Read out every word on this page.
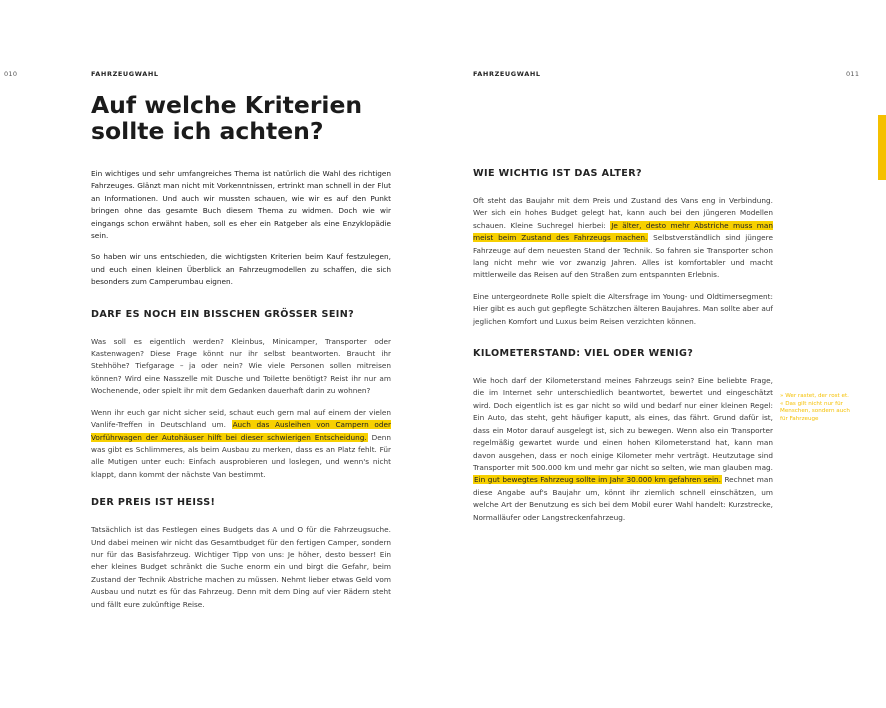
010	FAHRZEUGWAHL	FAHRZEUGWAHL	011
Auf welche Kriterien
sollte ich achten?

Ein wichtiges und sehr umfangreiches Thema ist natürlich die Wahl des richtigen Fahrzeuges. Glänzt man nicht mit Vorkenntnissen, ertrinkt man schnell in der Flut an Informationen. Und auch wir mussten schauen, wie wir es auf den Punkt bringen ohne das gesamte Buch diesem Thema zu widmen. Doch wie wir eingangs schon erwähnt haben, soll es eher ein Ratgeber als eine Enzyklopädie sein.

So haben wir uns entschieden, die wichtigsten Kriterien beim Kauf festzulegen, und euch einen kleinen Überblick an Fahrzeugmodellen zu schaffen, die sich besonders zum Camperumbau eignen.

DARF ES NOCH EIN BISSCHEN GRÖSSER SEIN?

Was soll es eigentlich werden? Kleinbus, Minicamper, Transporter oder Kastenwagen? Diese Frage könnt nur ihr selbst beantworten. Braucht ihr Stehhöhe? Tiefgarage – ja oder nein? Wie viele Personen sollen mitreisen können? Wird eine Nasszelle mit Dusche und Toilette benötigt? Reist ihr nur am Wochenende, oder spielt ihr mit dem Gedanken dauerhaft darin zu wohnen?

Wenn ihr euch gar nicht sicher seid, schaut euch gern mal auf einem der vielen Vanlife-Treffen in Deutschland um. Auch das Ausleihen von Campern oder Vorführwagen der Autohäuser hilft bei dieser schwierigen Entscheidung. Denn was gibt es Schlimmeres, als beim Ausbau zu merken, dass es an Platz fehlt. Für alle Mutigen unter euch: Einfach ausprobieren und loslegen, und wenn's nicht klappt, dann kommt der nächste Van bestimmt.

DER PREIS IST HEISS!

Tatsächlich ist das Festlegen eines Budgets das A und O für die Fahrzeugsuche. Und dabei meinen wir nicht das Gesamtbudget für den fertigen Camper, sondern nur für das Basisfahrzeug. Wichtiger Tipp von uns: Je höher, desto besser! Ein eher kleines Budget schränkt die Suche enorm ein und birgt die Gefahr, beim Zustand der Technik Abstriche machen zu müssen. Nehmt lieber etwas Geld vom Ausbau und nutzt es für das Fahrzeug. Denn mit dem Ding auf vier Rädern steht und fällt eure zukünftige Reise.

WIE WICHTIG IST DAS ALTER?

Oft steht das Baujahr mit dem Preis und Zustand des Vans eng in Verbindung. Wer sich ein hohes Budget gelegt hat, kann auch bei den jüngeren Modellen schauen. Kleine Suchregel hierbei: Je älter, desto mehr Abstriche muss man meist beim Zustand des Fahrzeugs machen. Selbstverständlich sind jüngere Fahrzeuge auf dem neuesten Stand der Technik. So fahren sie Transporter schon lang nicht mehr wie vor zwanzig Jahren. Alles ist komfortabler und macht mittlerweile das Reisen auf den Straßen zum entspannten Erlebnis.

Eine untergeordnete Rolle spielt die Altersfrage im Young- und Oldtimersegment: Hier gibt es auch gut gepflegte Schätzchen älteren Baujahres. Man sollte aber auf jeglichen Komfort und Luxus beim Reisen verzichten können.

KILOMETERSTAND: VIEL ODER WENIG?

Wie hoch darf der Kilometerstand meines Fahrzeugs sein? Eine beliebte Frage, die im Internet sehr unterschiedlich beantwortet, bewertet und eingeschätzt wird. Doch eigentlich ist es gar nicht so wild und bedarf nur einer kleinen Regel: Ein Auto, das steht, geht häufiger kaputt, als eines, das fährt. Grund dafür ist, dass ein Motor darauf ausgelegt ist, sich zu bewegen. Wenn also ein Transporter regelmäßig gewartet wurde und einen hohen Kilometerstand hat, kann man davon ausgehen, dass er noch einige Kilometer mehr verträgt. Heutzutage sind Transporter mit 500.000 km und mehr gar nicht so selten, wie man glauben mag. Ein gut bewegtes Fahrzeug sollte im Jahr 30.000 km gefahren sein. Rechnet man diese Angabe auf's Baujahr um, könnt ihr ziemlich schnell einschätzen, um welche Art der Benutzung es sich bei dem Mobil eurer Wahl handelt: Kurzstrecke, Normalläufer oder Langstreckenfahrzeug.

» Wer rastet, der rost et. « Das gilt nicht nur für Menschen, sondern auch für Fahrzeuge
